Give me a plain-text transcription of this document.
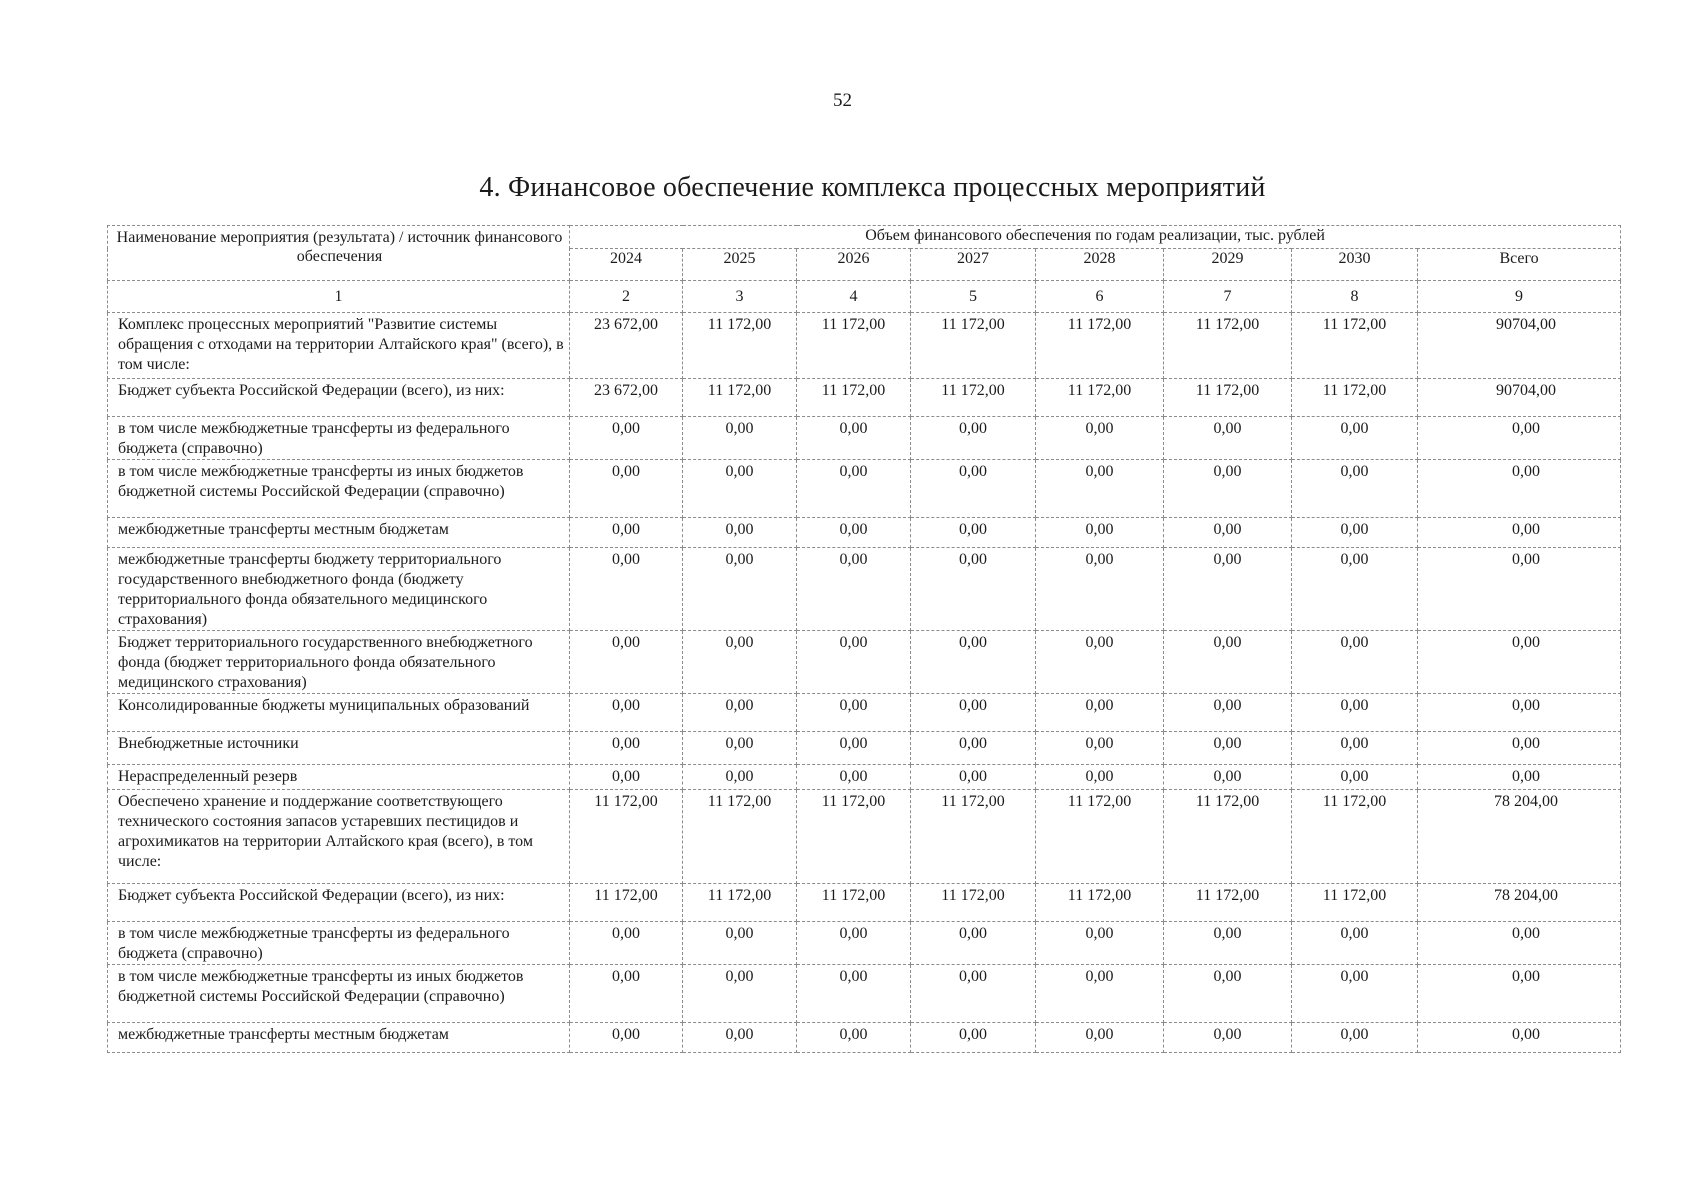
52
4. Финансовое обеспечение комплекса процессных мероприятий
Наименование мероприятия (результата) / источник финансового обеспечения	Объем финансового обеспечения по годам реализации, тыс. рублей							
	2024	2025	2026	2027	2028	2029	2030	Всего
1	2	3	4	5	6	7	8	9
Комплекс процессных мероприятий "Развитие системы обращения с отходами на территории Алтайского края" (всего), в том числе:	23 672,00	11 172,00	11 172,00	11 172,00	11 172,00	11 172,00	11 172,00	90704,00
Бюджет субъекта Российской Федерации (всего), из них:	23 672,00	11 172,00	11 172,00	11 172,00	11 172,00	11 172,00	11 172,00	90704,00
в том числе межбюджетные трансферты из федерального бюджета (справочно)	0,00	0,00	0,00	0,00	0,00	0,00	0,00	0,00
в том числе межбюджетные трансферты из иных бюджетов бюджетной системы Российской Федерации (справочно)	0,00	0,00	0,00	0,00	0,00	0,00	0,00	0,00
межбюджетные трансферты местным бюджетам	0,00	0,00	0,00	0,00	0,00	0,00	0,00	0,00
межбюджетные трансферты бюджету территориального государственного внебюджетного фонда (бюджету территориального фонда обязательного медицинского страхования)	0,00	0,00	0,00	0,00	0,00	0,00	0,00	0,00
Бюджет территориального государственного внебюджетного фонда (бюджет территориального фонда обязательного медицинского страхования)	0,00	0,00	0,00	0,00	0,00	0,00	0,00	0,00
Консолидированные бюджеты муниципальных образований	0,00	0,00	0,00	0,00	0,00	0,00	0,00	0,00
Внебюджетные источники	0,00	0,00	0,00	0,00	0,00	0,00	0,00	0,00
Нераспределенный резерв	0,00	0,00	0,00	0,00	0,00	0,00	0,00	0,00
Обеспечено хранение и поддержание соответствующего технического состояния запасов устаревших пестицидов и агрохимикатов на территории Алтайского края (всего), в том числе:	11 172,00	11 172,00	11 172,00	11 172,00	11 172,00	11 172,00	11 172,00	78 204,00
Бюджет субъекта Российской Федерации (всего), из них:	11 172,00	11 172,00	11 172,00	11 172,00	11 172,00	11 172,00	11 172,00	78 204,00
в том числе межбюджетные трансферты из федерального бюджета (справочно)	0,00	0,00	0,00	0,00	0,00	0,00	0,00	0,00
в том числе межбюджетные трансферты из иных бюджетов бюджетной системы Российской Федерации (справочно)	0,00	0,00	0,00	0,00	0,00	0,00	0,00	0,00
межбюджетные трансферты местным бюджетам	0,00	0,00	0,00	0,00	0,00	0,00	0,00	0,00
